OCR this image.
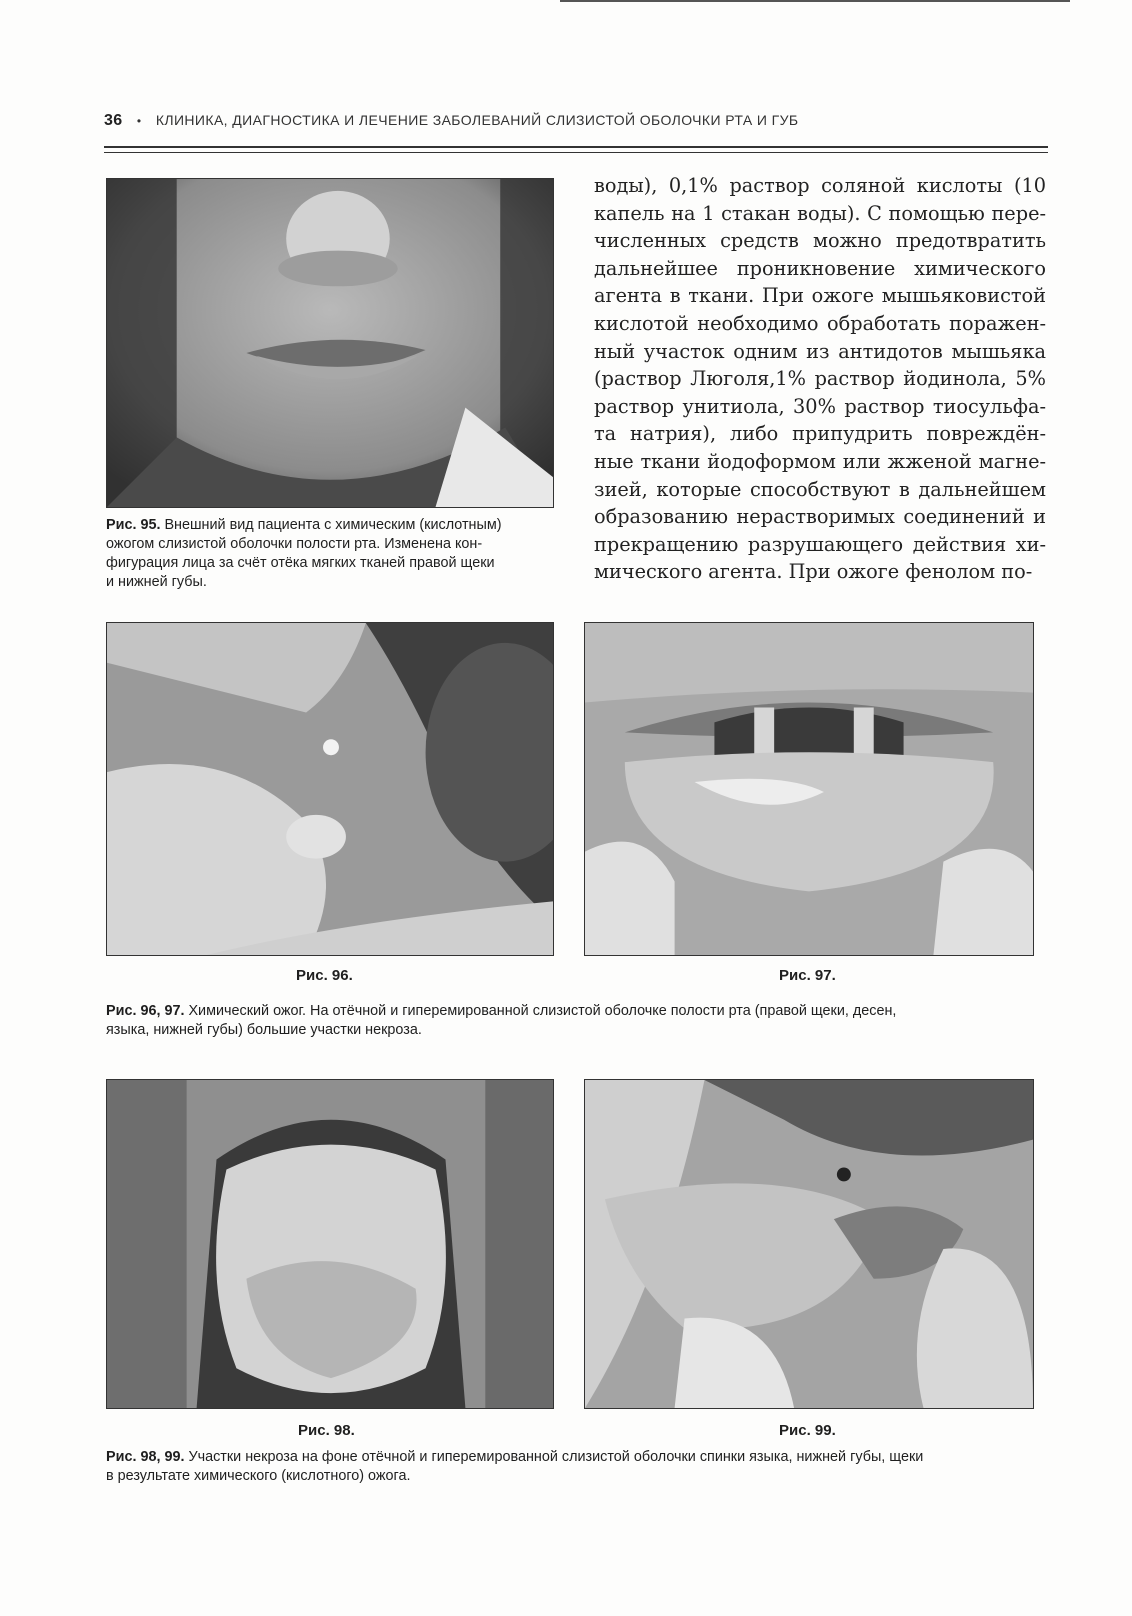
36 • КЛИНИКА, ДИАГНОСТИКА И ЛЕЧЕНИЕ ЗАБОЛЕВАНИЙ СЛИЗИСТОЙ ОБОЛОЧКИ РТА И ГУБ
воды), 0,1% раствор соляной кислоты (10
капель на 1 стакан воды). С помощью пере-
численных средств можно предотвратить
дальнейшее проникновение химического
агента в ткани. При ожоге мышьяковистой
кислотой необходимо обработать поражен-
ный участок одним из антидотов мышьяка
(раствор Люголя,1% раствор йодинола, 5%
раствор унитиола, 30% раствор тиосульфа-
та натрия), либо припудрить повреждён-
ные ткани йодоформом или жженой магне-
зией, которые способствуют в дальнейшем
образованию нерастворимых соединений и
прекращению разрушающего действия хи-
мического агента. При ожоге фенолом по-
Рис. 95. Внешний вид пациента с химическим (кислотным)
ожогом слизистой оболочки полости рта. Изменена кон-
фигурация лица за счёт отёка мягких тканей правой щеки
и нижней губы.
Рис. 96.	Рис. 97.
Рис. 96, 97. Химический ожог. На отёчной и гиперемированной слизистой оболочке полости рта (правой щеки, десен,
языка, нижней губы) большие участки некроза.
Рис. 98.	Рис. 99.
Рис. 98, 99. Участки некроза на фоне отёчной и гиперемированной слизистой оболочки спинки языка, нижней губы, щеки
в результате химического (кислотного) ожога.
